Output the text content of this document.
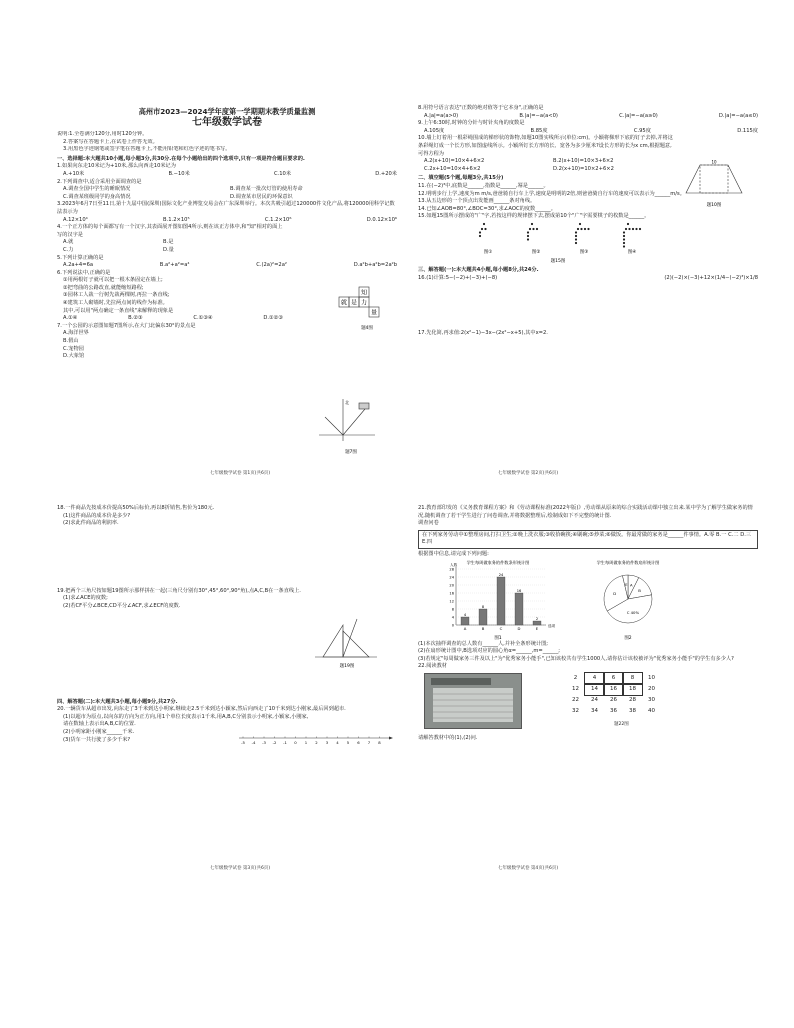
高州市2023—2024学年度第一学期期末教学质量监测
七年级数学试卷
说明:1.全卷满分120分,用时120分钟。
2.答案写在答题卡上,在试卷上作答无效。
3.用黑色字迹钢笔或签字笔在答题卡上,不能用铅笔和红色字迹的笔书写。
一、选择题:本大题共10小题,每小题3分,共30分.在每个小题给出的四个选项中,只有一项是符合题目要求的.
1.如果向东走10米记为+10米,那么向西走10米记为
A.+10米	B.−10米	C.10米	D.+20米
2.下列调查中,适合采用全面调查的是
A.调查全国中学生的睡眠情况	B.调查某一批次灯管的使用寿命
C.调查某班级同学的身高情况	D.调查某市居民的环保意识
3.2023年6月7日至11日,第十九届中国(深圳)国际文化产业博览交易会在广东深圳举行。本次共吸引超过120000件文化产品,将120000用科学记数法表示为
A.12×10⁴	B.1.2×10⁵	C.1.2×10⁶	D.0.12×10⁶
4.一个正方体的每个面都写有一个汉字,其表面展开图如图4所示,则在该正方体中,和"知"相对的面上写的汉字是
A.就	B.是
C.力	D.量
5.下列计算正确的是
A.2a+4=6a	B.a²+a²=a⁴	C.(2a)²=2a²	D.a²b+a²b=2a²b
6.下列说法中,正确的是
①用两根钉子就可以把一根木条固定在墙上;
②把弯曲的公路改直,就能缩短路程;
③园林工人栽一行树先栽两棵树,再拉一条直线;
④建筑工人砌墙时,先拉两点间的线作为标准。
其中,可以用"两点确定一条直线"来解释的现象是
A.①④	B.②③	C.①③④	D.①②③
7.一个公园的示意图如题7图所示,在大门北偏东30°的景点是
A.海洋世界
B.假山
C.宠物园
D.大象馆
知
就 是 力
量
题4图
北
题7图
七年级数学试卷 第1页(共6页)
8.用符号语言表达"正数的绝对值等于它本身",正确的是
A.|a|=a(a>0)	B.|a|=−a(a<0)	C.|a|=−a(a≥0)	D.|a|=−a(a≤0)
9.上午6:30时,时钟的分针与时针夹角的度数是
A.105度	B.85度	C.95度	D.115度
10.墙上钉着用一根彩绳围成的梯形状的饰物,如题10图实线所示(单位:cm)。小颖将梯形下底的钉子去掉,并将这条彩绳钉成一个长方形,如图虚线所示。小颖所钉长方形的长、宽各为多少厘米?设长方形的长为x cm,根据题意,可得方程为
A.2(x+10)=10×4+6×2	B.2(x+10)=10×3+6×2
C.2x+10=10×4+6×2	D.2(x+10)=10×2+6×2
二、填空题(5个题,每题3分,共15分)
11.在(−2)³中,底数是______,指数是______,幂是______。
12.明明步行上学,速度为m m/s,爸爸骑自行车上学,速度是明明的2倍,则爸爸骑自行车的速度可以表示为______m/s。
13.从五边形的一个顶点出发能画______条对角线。
14.已知∠AOB=80°,∠BOC=30°,求∠AOC的度数______。
15.如题15图所示摆成的"广"字,若按这样的规律摆下去,摆成第10个"广"字需要棋子的枚数是______。
图①	图②	图③	图④
题15图
三、解答题(一):本大题共4小题,每小题8分,共24分.
16.(1)计算:5−(−2)+(−3)+(−8)	(2)(−2)×(−3)+12×(1/4−(−2)³)×1/8
17.先化简,再求值:2(x²−1)−3x−(2x²−x+5),其中x=2.
10
题10图
七年级数学试卷 第2页(共6页)
18.一件商品先按成本价提高50%后标价,再以8折销售,售价为180元.
(1)这件商品的成本价是多少?
(2)求此件商品的利润率.
19.把两个三角尺按如题19图所示那样拼在一起(三角尺分别有30°,45°,60°,90°角),点A,C,B在一条直线上.
(1)求∠ACE的度数;
(2)若CF平分∠BCE,CD平分∠ACF,求∠ECF的度数.
题19图
四、解答题(二):本大题共3小题,每小题9分,共27分.
20.一辆货车从超市出发,向东走了3千米到达小明家,继续走2.5千米到达小颖家,然后向西走了10千米到达小刚家,最后回到超市.
(1)以超市为原点,以向东的方向为正方向,用1个单位长度表示1千米,用A,B,C分别表示小明家,小颖家,小刚家,请在数轴上表示出A,B,C的位置.
(2)小明家距小刚家______千米.
(3)货车一共行驶了多少千米?
-5 -4 -3 -2 -1 0 1 2 3 4 5 6 7 8
七年级数学试卷 第3页(共6页)
21.教育部印发的《义务教育课程方案》和《劳动课程标准(2022年版)》,劳动课从原来的综合实践活动课中独立出来.某中学为了解学生做家务的情况,随机调查了若干学生进行了问卷调查,并将数据整理后,绘制成如下不完整的统计图.
调查问卷
在下列家务劳动中①整理房间,打扫卫生;②晚上洗衣服;③收拾碗筷;④刷碗;⑤炒菜;⑥做饭。你最常做的家务是______件事情。A.零 B.一 C.二 D.三 E.四
根据图中信息,请完成下列问题:
学生每周做家务的件数条形统计图
图1
0
4
8
12
16
20
24
28
4
A
8
B
24
C
16
D
2
E
人数
选项
学生每周做家务的件数扇形统计图
图2
A
B
C 40%
D
E
(1)本次抽样调查的总人数有______人,并补全条形统计图;
(2)在扇形统计图中,B选项对应的圆心角α=______,m=______;
(3)若规定"每周做家务三件及以上"为"优秀家务小能手",已知该校共有学生1000人,请你估计该校被评为"优秀家务小能手"的学生有多少人?
22.阅读教材
2	4	6	8	10
12	14	16	18	20
22	24	26	28	30
32	34	36	38	40
题22图
请解答教材中的(1),(2)问.
七年级数学试卷 第4页(共6页)
